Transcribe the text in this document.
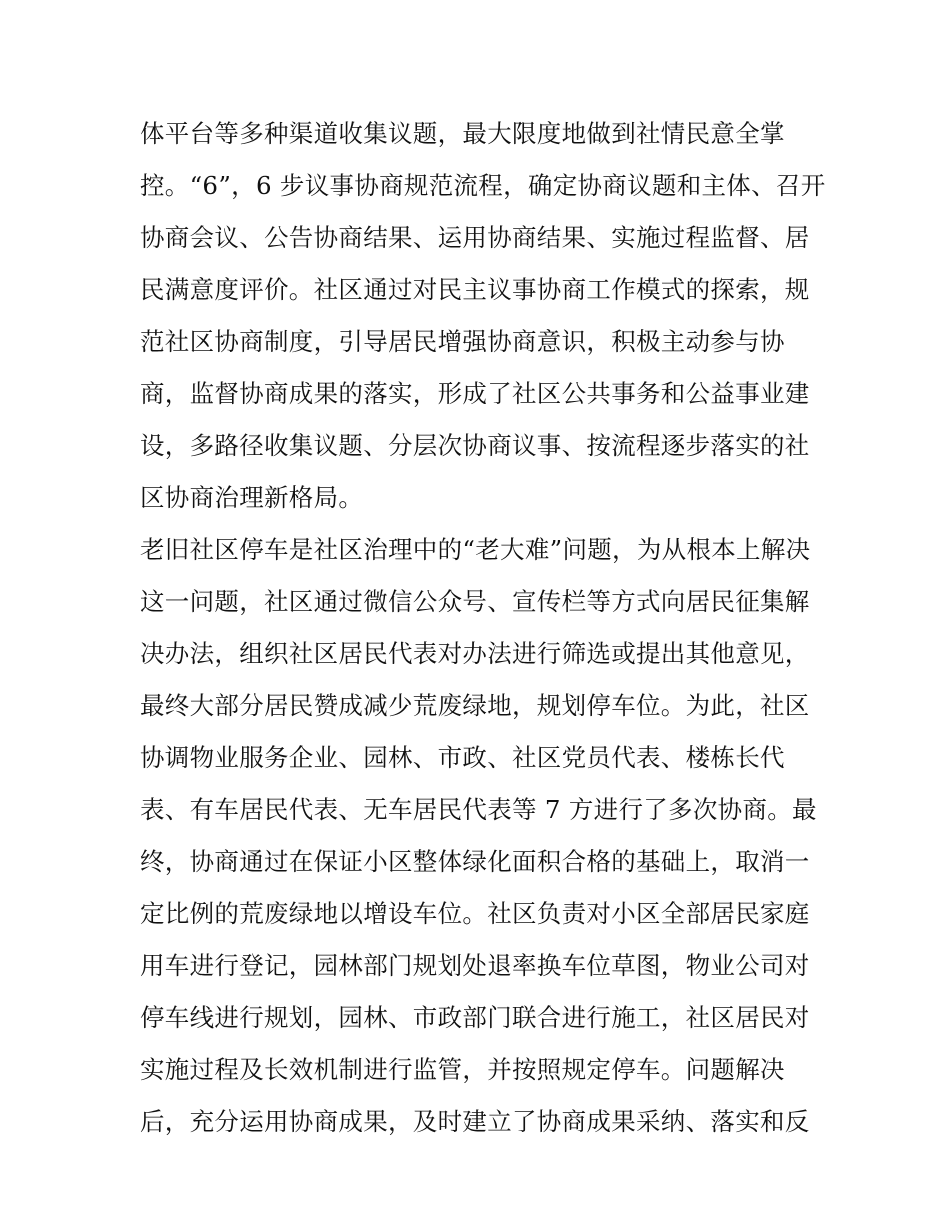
体平台等多种渠道收集议题，最大限度地做到社情民意全掌
控。“6”，6 步议事协商规范流程，确定协商议题和主体、召开
协商会议、公告协商结果、运用协商结果、实施过程监督、居
民满意度评价。社区通过对民主议事协商工作模式的探索，规
范社区协商制度，引导居民增强协商意识，积极主动参与协
商，监督协商成果的落实，形成了社区公共事务和公益事业建
设，多路径收集议题、分层次协商议事、按流程逐步落实的社
区协商治理新格局。
老旧社区停车是社区治理中的“老大难”问题，为从根本上解决
这一问题，社区通过微信公众号、宣传栏等方式向居民征集解
决办法，组织社区居民代表对办法进行筛选或提出其他意见，
最终大部分居民赞成减少荒废绿地，规划停车位。为此，社区
协调物业服务企业、园林、市政、社区党员代表、楼栋长代
表、有车居民代表、无车居民代表等 7 方进行了多次协商。最
终，协商通过在保证小区整体绿化面积合格的基础上，取消一
定比例的荒废绿地以增设车位。社区负责对小区全部居民家庭
用车进行登记，园林部门规划处退率换车位草图，物业公司对
停车线进行规划，园林、市政部门联合进行施工，社区居民对
实施过程及长效机制进行监管，并按照规定停车。问题解决
后，充分运用协商成果，及时建立了协商成果采纳、落实和反
